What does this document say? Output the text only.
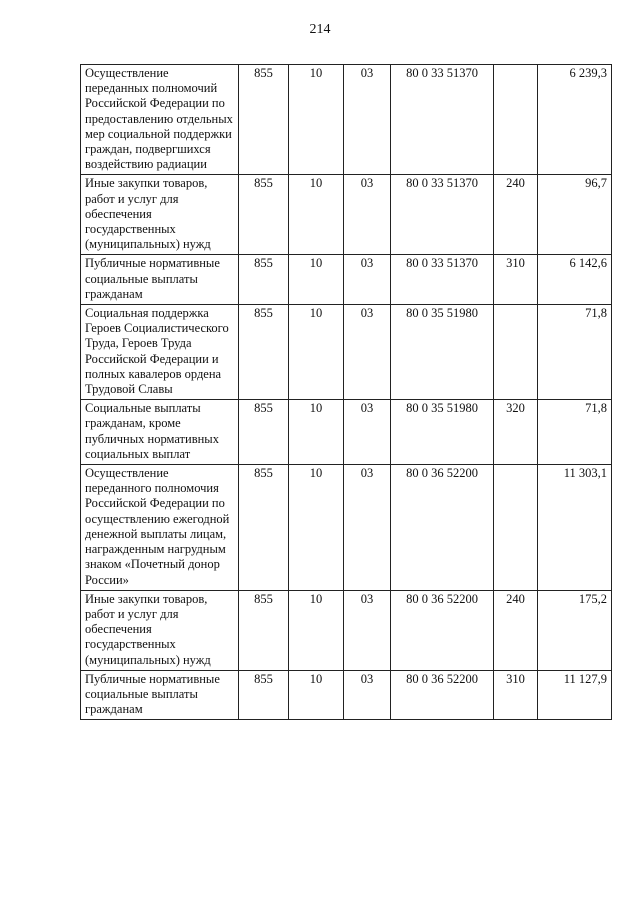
214
Осуществление переданных полномочий Российской Федерации по предоставлению отдельных мер социальной поддержки граждан, подвергшихся воздействию радиации	855	10	03	80 0 33 51370		6 239,3
Иные закупки товаров, работ и услуг для обеспечения государственных (муниципальных) нужд	855	10	03	80 0 33 51370	240	96,7
Публичные нормативные социальные выплаты гражданам	855	10	03	80 0 33 51370	310	6 142,6
Социальная поддержка Героев Социалистического Труда, Героев Труда Российской Федерации и полных кавалеров ордена Трудовой Славы	855	10	03	80 0 35 51980		71,8
Социальные выплаты гражданам, кроме публичных нормативных социальных выплат	855	10	03	80 0 35 51980	320	71,8
Осуществление переданного полномочия Российской Федерации по осуществлению ежегодной денежной выплаты лицам, награжденным нагрудным знаком «Почетный донор России»	855	10	03	80 0 36 52200		11 303,1
Иные закупки товаров, работ и услуг для обеспечения государственных (муниципальных) нужд	855	10	03	80 0 36 52200	240	175,2
Публичные нормативные социальные выплаты гражданам	855	10	03	80 0 36 52200	310	11 127,9
